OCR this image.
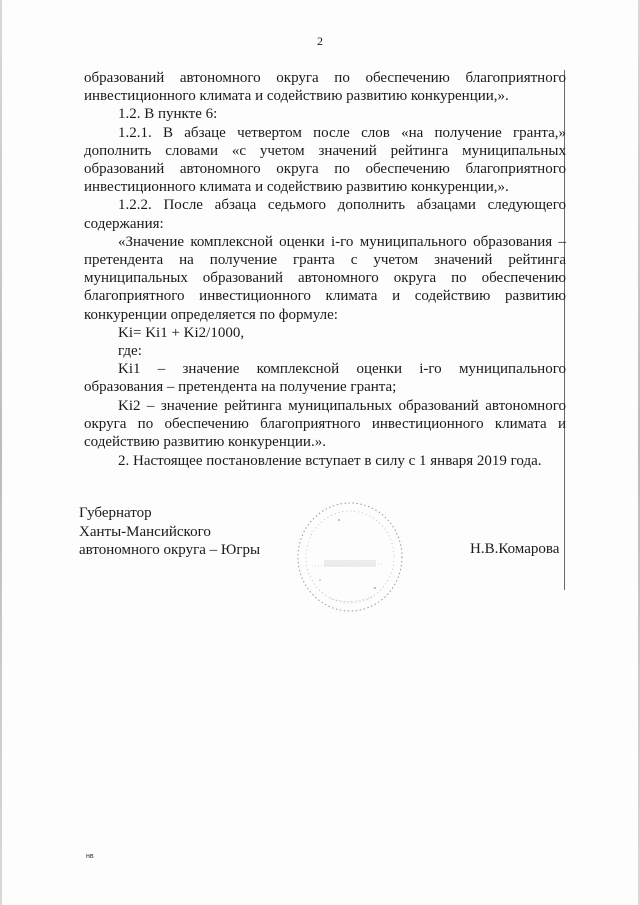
2

образований автономного округа по обеспечению благоприятного инвестиционного климата и содействию развитию конкуренции,».

1.2. В пункте 6:

1.2.1. В абзаце четвертом после слов «на получение гранта,» дополнить словами «с учетом значений рейтинга муниципальных образований автономного округа по обеспечению благоприятного инвестиционного климата и содействию развитию конкуренции,».

1.2.2. После абзаца седьмого дополнить абзацами следующего содержания:

«Значение комплексной оценки i-го муниципального образования – претендента на получение гранта с учетом значений рейтинга муниципальных образований автономного округа по обеспечению благоприятного инвестиционного климата и содействию развитию конкуренции определяется по формуле:

Ki= Ki1 + Ki2/1000,

где:

Ki1 – значение комплексной оценки i-го муниципального образования – претендента на получение гранта;

Ki2 – значение рейтинга муниципальных образований автономного округа по обеспечению благоприятного инвестиционного климата и содействию развитию конкуренции.».

2. Настоящее постановление вступает в силу с 1 января 2019 года.

Губернатор
Ханты-Мансийского
автономного округа – Югры	Н.В.Комарова
нв
